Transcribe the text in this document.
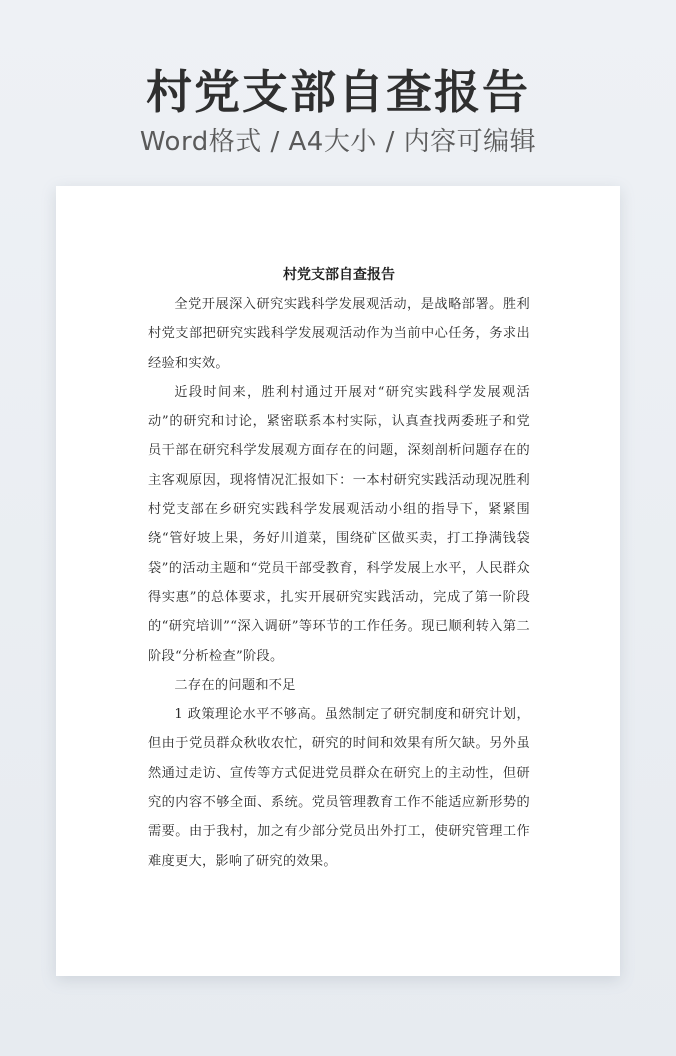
村党支部自查报告
Word格式 / A4大小 / 内容可编辑
村党支部自查报告

全党开展深入研究实践科学发展观活动，是战略部署。胜利村党支部把研究实践科学发展观活动作为当前中心任务，务求出经验和实效。

近段时间来，胜利村通过开展对“研究实践科学发展观活动”的研究和讨论，紧密联系本村实际，认真查找两委班子和党员干部在研究科学发展观方面存在的问题，深刻剖析问题存在的主客观原因，现将情况汇报如下：一本村研究实践活动现况胜利村党支部在乡研究实践科学发展观活动小组的指导下，紧紧围绕“管好坡上果，务好川道菜，围绕矿区做买卖，打工挣满钱袋袋”的活动主题和“党员干部受教育，科学发展上水平，人民群众得实惠”的总体要求，扎实开展研究实践活动，完成了第一阶段的“研究培训”“深入调研”等环节的工作任务。现已顺利转入第二阶段“分析检查”阶段。

二存在的问题和不足

1 政策理论水平不够高。虽然制定了研究制度和研究计划，但由于党员群众秋收农忙，研究的时间和效果有所欠缺。另外虽然通过走访、宣传等方式促进党员群众在研究上的主动性，但研究的内容不够全面、系统。党员管理教育工作不能适应新形势的需要。由于我村，加之有少部分党员出外打工，使研究管理工作难度更大，影响了研究的效果。
